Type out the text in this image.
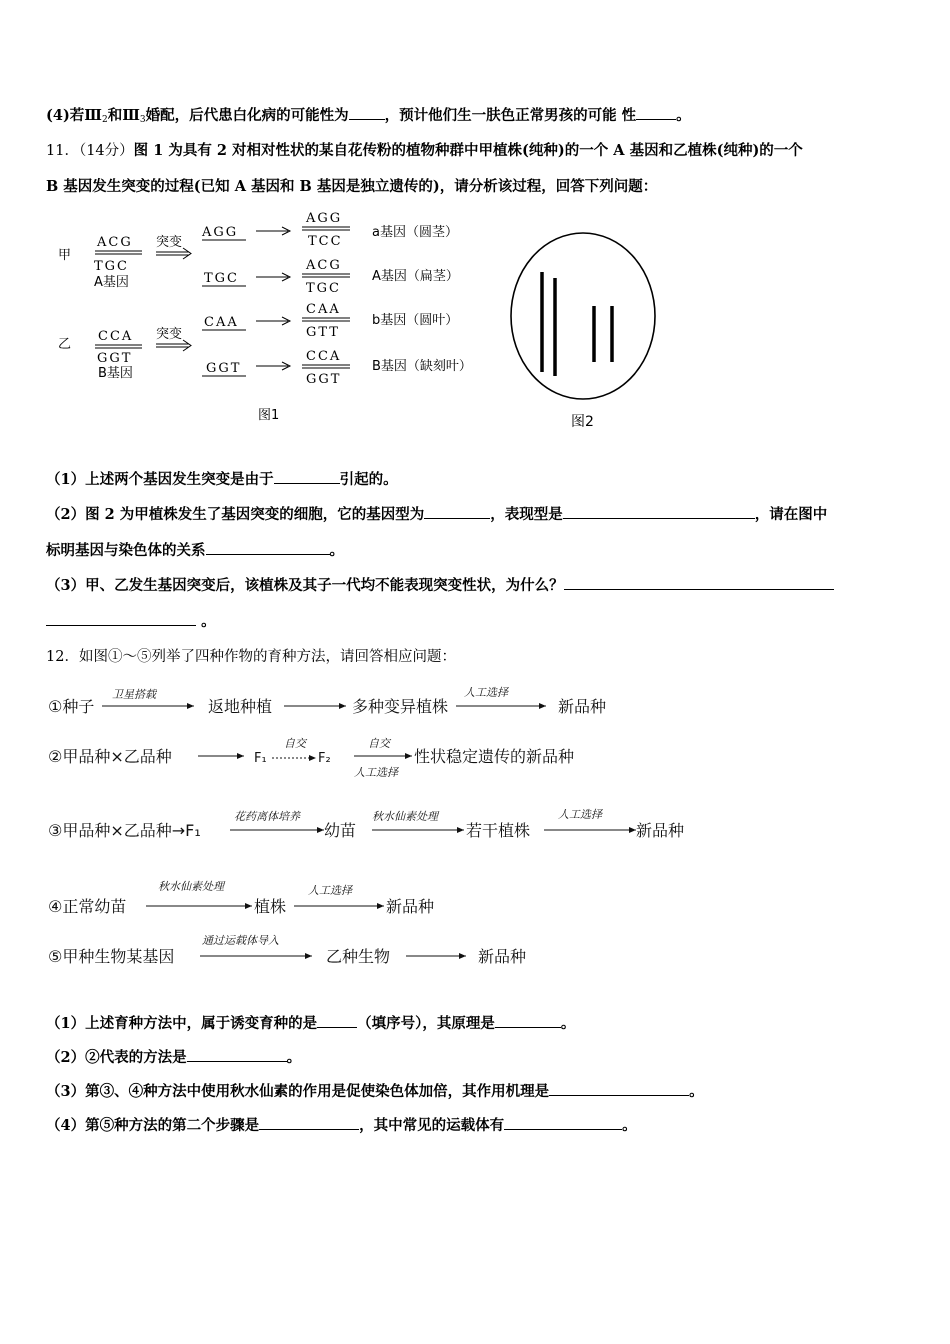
(4)若$Ⅲ_2$和$Ⅲ_3$婚配，后代患白化病的可能性为 ，预计他们生一肤色正常男孩的可能 性	。
11．（14分）图 1 为具有 2 对相对性状的某自花传粉的植物种群中甲植株(纯种)的一个 A 基因和乙植株(纯种)的一个
B 基因发生突变的过程(已知 A 基因和 B 基因是独立遗传的)，请分析该过程，回答下列问题：
甲
乙
ACG
TGC
A基因
突变
CCA
GGT
B基因
突变
AGG
AGG
TCC
a基因（圆茎）
TGC
ACG
TGC
A基因（扁茎）
CAA
CAA
GTT
b基因（圆叶）
GGT
CCA
GGT
B基因（缺刻叶）
图1	图2
（1）上述两个基因发生突变是由于	引起的。
（2）图 2 为甲植株发生了基因突变的细胞，它的基因型为	，表现型是	，请在图中
标明基因与染色体的关系	。
（3）甲、乙发生基因突变后，该植株及其子一代均不能表现突变性状，为什么？
。
12．如图①～⑤列举了四种作物的育种方法，请回答相应问题：
①种子
卫星搭载
返地种植	多种变异植株
人工选择
新品种
②甲品种×乙品种	F₁
自交
F₂
自交
人工选择
性状稳定遗传的新品种
③甲品种×乙品种→F₁
花药离体培养
幼苗
秋水仙素处理
若干植株
人工选择
新品种
④正常幼苗
秋水仙素处理
植株
人工选择
新品种
⑤甲种生物某基因
通过运载体导入
乙种生物	新品种
（1）上述育种方法中，属于诱变育种的是	（填序号），其原理是	。
（2）②代表的方法是	。
（3）第③、④种方法中使用秋水仙素的作用是促使染色体加倍，其作用机理是	。
（4）第⑤种方法的第二个步骤是	，其中常见的运载体有	。
